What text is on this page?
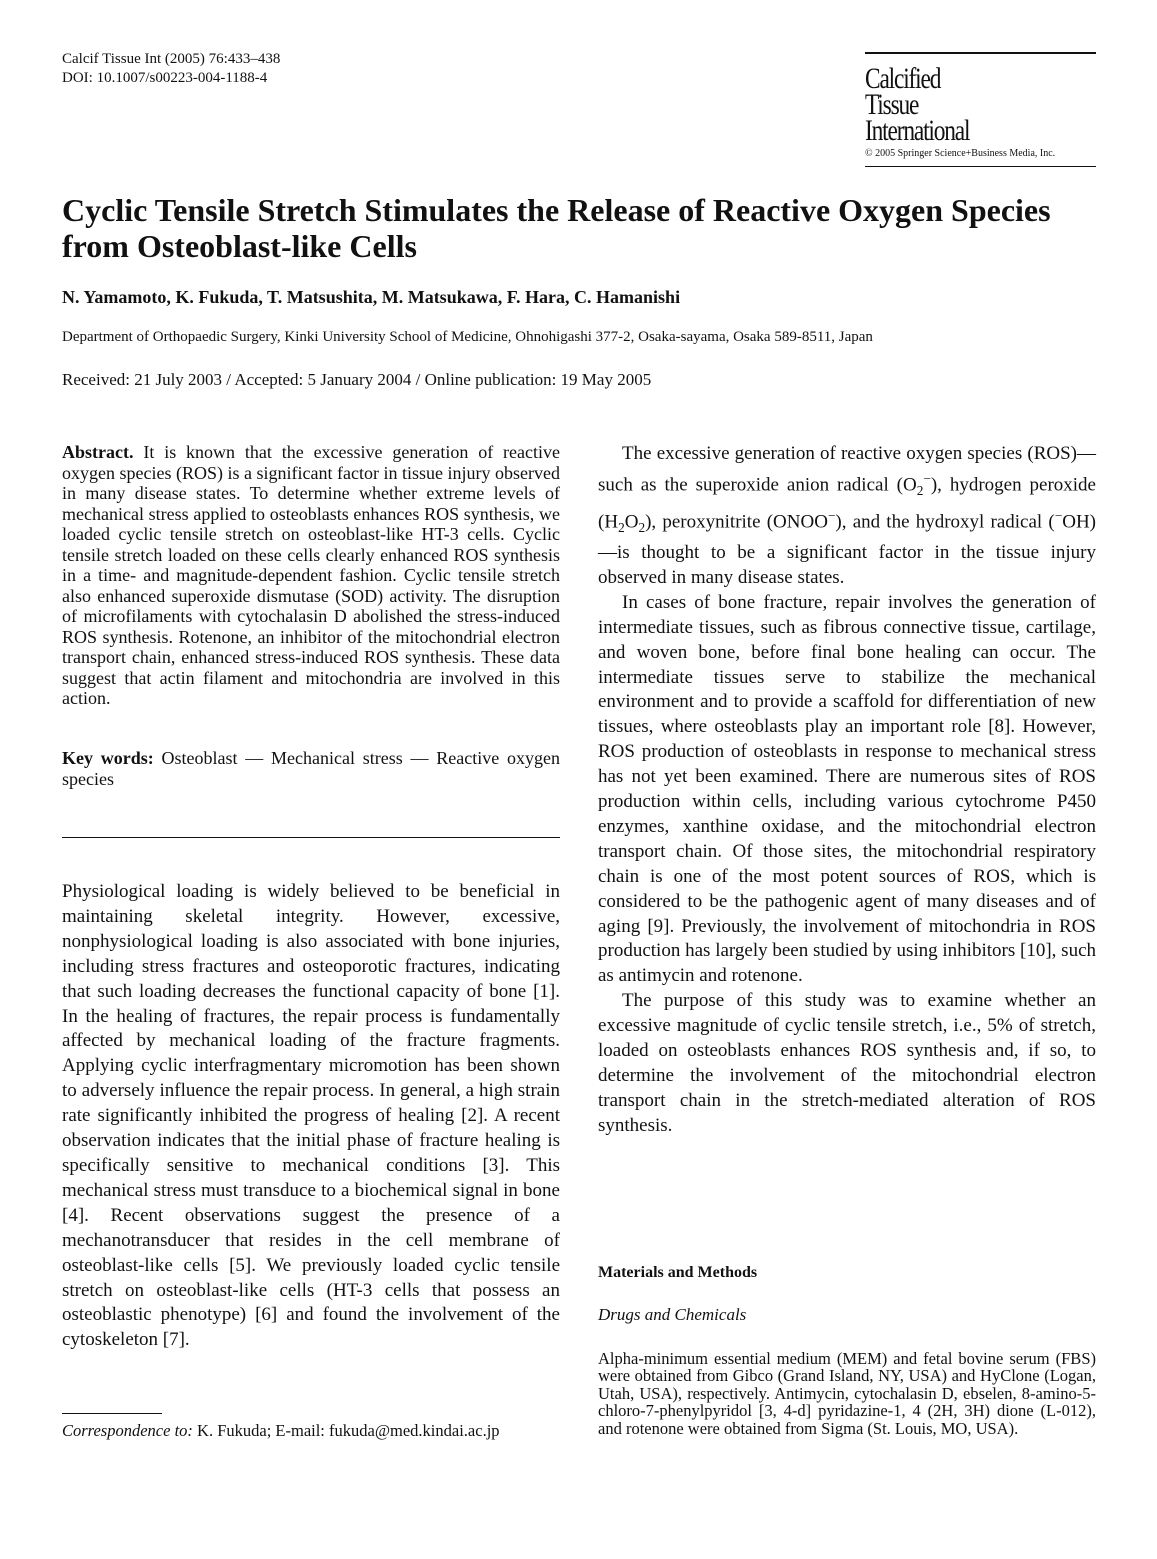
Calcif Tissue Int (2005) 76:433–438
DOI: 10.1007/s00223-004-1188-4	Calcified
Tissue
International
© 2005 Springer Science+Business Media, Inc.
Cyclic Tensile Stretch Stimulates the Release of Reactive Oxygen Species from Osteoblast-like Cells
N. Yamamoto, K. Fukuda, T. Matsushita, M. Matsukawa, F. Hara, C. Hamanishi
Department of Orthopaedic Surgery, Kinki University School of Medicine, Ohnohigashi 377-2, Osaka-sayama, Osaka 589-8511, Japan
Received: 21 July 2003 / Accepted: 5 January 2004 / Online publication: 19 May 2005

Abstract. It is known that the excessive generation of reactive oxygen species (ROS) is a significant factor in tissue injury observed in many disease states. To determine whether extreme levels of mechanical stress applied to osteoblasts enhances ROS synthesis, we loaded cyclic tensile stretch on osteoblast-like HT-3 cells. Cyclic tensile stretch loaded on these cells clearly enhanced ROS synthesis in a time- and magnitude-dependent fashion. Cyclic tensile stretch also enhanced superoxide dismutase (SOD) activity. The disruption of microfilaments with cytochalasin D abolished the stress-induced ROS synthesis. Rotenone, an inhibitor of the mitochondrial electron transport chain, enhanced stress-induced ROS synthesis. These data suggest that actin filament and mitochondria are involved in this action.

Key words: Osteoblast — Mechanical stress — Reactive oxygen species

Physiological loading is widely believed to be beneficial in maintaining skeletal integrity. However, excessive, nonphysiological loading is also associated with bone injuries, including stress fractures and osteoporotic fractures, indicating that such loading decreases the functional capacity of bone [1]. In the healing of fractures, the repair process is fundamentally affected by mechanical loading of the fracture fragments. Applying cyclic interfragmentary micromotion has been shown to adversely influence the repair process. In general, a high strain rate significantly inhibited the progress of healing [2]. A recent observation indicates that the initial phase of fracture healing is specifically sensitive to mechanical conditions [3]. This mechanical stress must transduce to a biochemical signal in bone [4]. Recent observations suggest the presence of a mechanotransducer that resides in the cell membrane of osteoblast-like cells [5]. We previously loaded cyclic tensile stretch on osteoblast-like cells (HT-3 cells that possess an osteoblastic phenotype) [6] and found the involvement of the cytoskeleton [7].

Correspondence to: K. Fukuda; E-mail: fukuda@med.kindai.ac.jp

The excessive generation of reactive oxygen species (ROS)—such as the superoxide anion radical $(O_2^-)$, hydrogen peroxide $(H_2O_2)$, peroxynitrite (ONOO−), and the hydroxyl radical (−OH)—is thought to be a significant factor in the tissue injury observed in many disease states.

In cases of bone fracture, repair involves the generation of intermediate tissues, such as fibrous connective tissue, cartilage, and woven bone, before final bone healing can occur. The intermediate tissues serve to stabilize the mechanical environment and to provide a scaffold for differentiation of new tissues, where osteoblasts play an important role [8]. However, ROS production of osteoblasts in response to mechanical stress has not yet been examined. There are numerous sites of ROS production within cells, including various cytochrome P450 enzymes, xanthine oxidase, and the mitochondrial electron transport chain. Of those sites, the mitochondrial respiratory chain is one of the most potent sources of ROS, which is considered to be the pathogenic agent of many diseases and of aging [9]. Previously, the involvement of mitochondria in ROS production has largely been studied by using inhibitors [10], such as antimycin and rotenone.

The purpose of this study was to examine whether an excessive magnitude of cyclic tensile stretch, i.e., 5% of stretch, loaded on osteoblasts enhances ROS synthesis and, if so, to determine the involvement of the mitochondrial electron transport chain in the stretch-mediated alteration of ROS synthesis.

Materials and Methods
Drugs and Chemicals

Alpha-minimum essential medium (MEM) and fetal bovine serum (FBS) were obtained from Gibco (Grand Island, NY, USA) and HyClone (Logan, Utah, USA), respectively. Antimycin, cytochalasin D, ebselen, 8-amino-5-chloro-7-phenylpyridol [3, 4-d] pyridazine-1, 4 (2H, 3H) dione (L-012), and rotenone were obtained from Sigma (St. Louis, MO, USA).
